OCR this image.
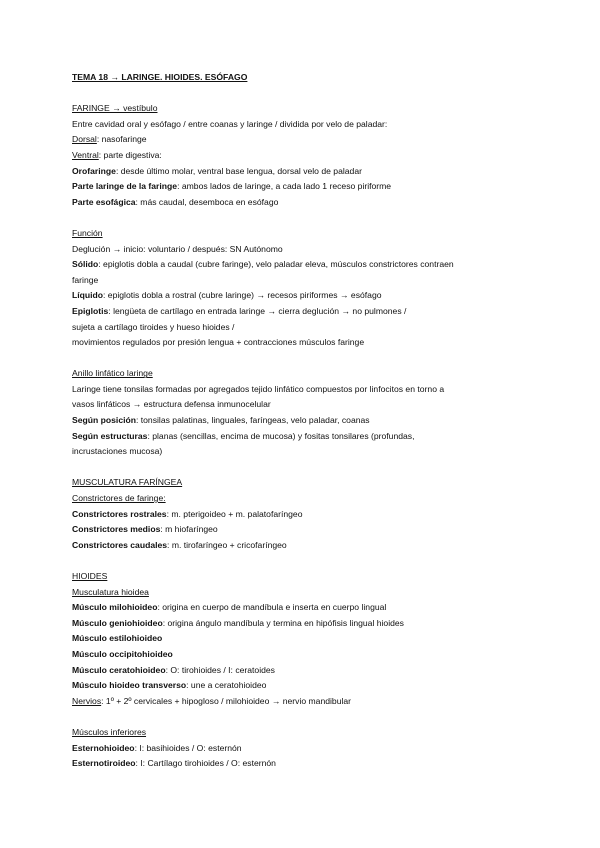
TEMA 18 → LARINGE. HIOIDES. ESÓFAGO
FARINGE → vestíbulo
Entre cavidad oral y esófago / entre coanas y laringe / dividida por velo de paladar:
Dorsal: nasofaringe
Ventral: parte digestiva:
Orofaringe: desde último molar, ventral base lengua, dorsal velo de paladar
Parte laringe de la faringe: ambos lados de laringe, a cada lado 1 receso piriforme
Parte esofágica: más caudal, desemboca en esófago
Función
Deglución → inicio: voluntario / después: SN Autónomo
Sólido: epiglotis dobla a caudal (cubre faringe), velo paladar eleva, músculos constrictores contraen
faringe
Líquido: epiglotis dobla a rostral (cubre laringe) → recesos piriformes → esófago
Epiglotis: lengüeta de cartílago en entrada laringe → cierra deglución → no pulmones /
sujeta a cartílago tiroides y hueso hioides /
movimientos regulados por presión lengua + contracciones músculos faringe
Anillo linfático laringe
Laringe tiene tonsilas formadas por agregados tejido linfático compuestos por linfocitos en torno a
vasos linfáticos → estructura defensa inmunocelular
Según posición: tonsilas palatinas, linguales, faríngeas, velo paladar, coanas
Según estructuras: planas (sencillas, encima de mucosa) y fositas tonsilares (profundas,
incrustaciones mucosa)
MUSCULATURA FARÍNGEA
Constrictores de faringe:
Constrictores rostrales: m. pterigoideo + m. palatofaríngeo
Constrictores medios: m hiofaríngeo
Constrictores caudales: m. tirofaríngeo + cricofaríngeo
HIOIDES
Musculatura hioidea
Músculo milohioideo: origina en cuerpo de mandíbula e inserta en cuerpo lingual
Músculo geniohioideo: origina ángulo mandíbula y termina en hipófisis lingual hioides
Músculo estilohioideo
Músculo occipitohioideo
Músculo ceratohioideo: O: tirohioides / I: ceratoides
Músculo hioideo transverso: une a ceratohioideo
Nervios: 1º + 2º cervicales + hipogloso / milohioideo → nervio mandibular
Músculos inferiores
Esternohioideo: I: basihioides / O: esternón
Esternotiroideo: I: Cartílago tirohioides / O: esternón
